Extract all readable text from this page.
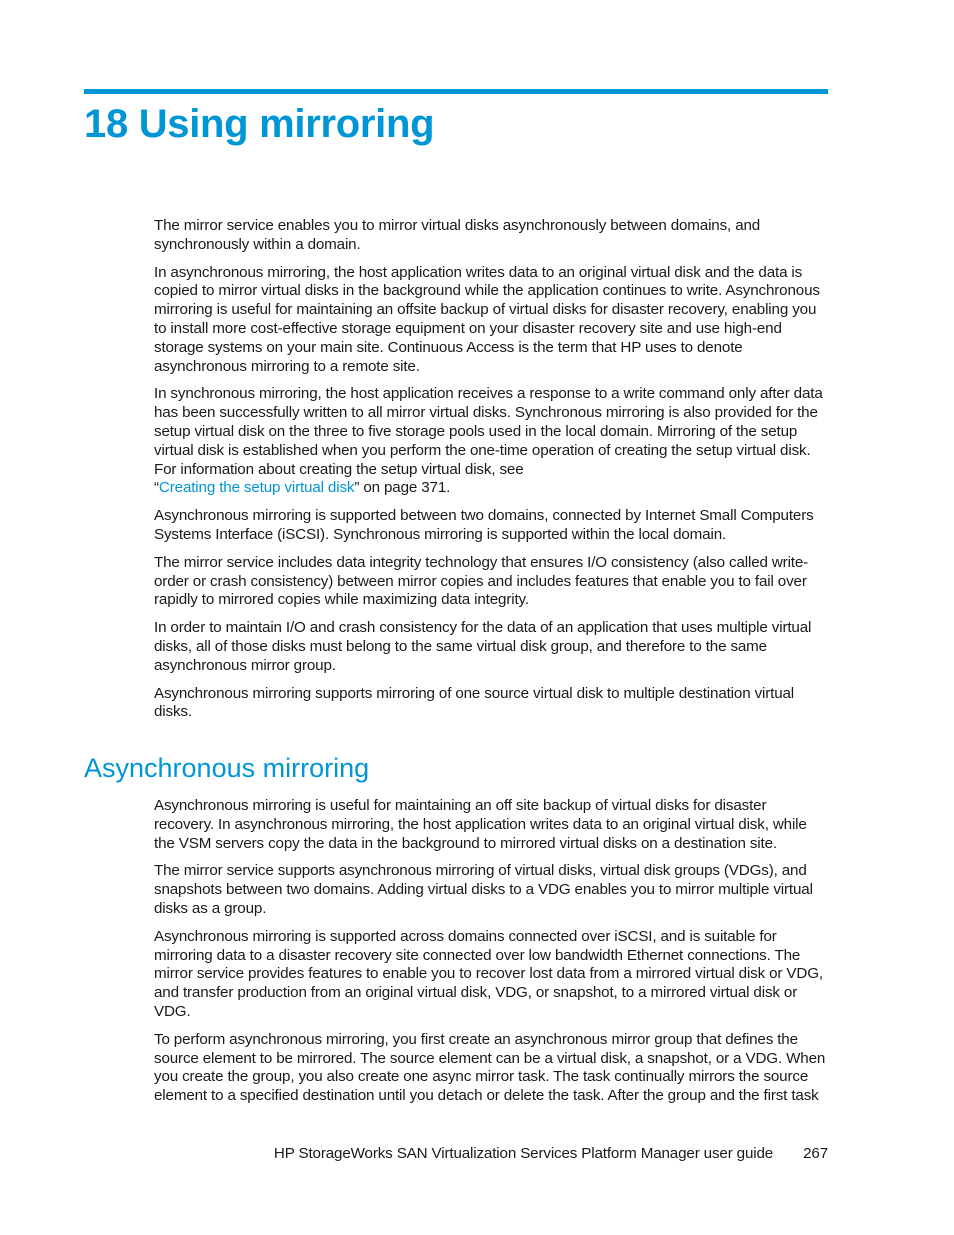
18 Using mirroring

The mirror service enables you to mirror virtual disks asynchronously between domains, and synchronously within a domain.

In asynchronous mirroring, the host application writes data to an original virtual disk and the data is copied to mirror virtual disks in the background while the application continues to write. Asynchronous mirroring is useful for maintaining an offsite backup of virtual disks for disaster recovery, enabling you to install more cost-effective storage equipment on your disaster recovery site and use high-end storage systems on your main site. Continuous Access is the term that HP uses to denote asynchronous mirroring to a remote site.

In synchronous mirroring, the host application receives a response to a write command only after data has been successfully written to all mirror virtual disks. Synchronous mirroring is also provided for the setup virtual disk on the three to five storage pools used in the local domain. Mirroring of the setup virtual disk is established when you perform the one-time operation of creating the setup virtual disk. For information about creating the setup virtual disk, see
“Creating the setup virtual disk” on page 371.

Asynchronous mirroring is supported between two domains, connected by Internet Small Computers Systems Interface (iSCSI). Synchronous mirroring is supported within the local domain.

The mirror service includes data integrity technology that ensures I/O consistency (also called write-order or crash consistency) between mirror copies and includes features that enable you to fail over rapidly to mirrored copies while maximizing data integrity.

In order to maintain I/O and crash consistency for the data of an application that uses multiple virtual disks, all of those disks must belong to the same virtual disk group, and therefore to the same asynchronous mirror group.

Asynchronous mirroring supports mirroring of one source virtual disk to multiple destination virtual disks.

Asynchronous mirroring

Asynchronous mirroring is useful for maintaining an off site backup of virtual disks for disaster recovery. In asynchronous mirroring, the host application writes data to an original virtual disk, while the VSM servers copy the data in the background to mirrored virtual disks on a destination site.

The mirror service supports asynchronous mirroring of virtual disks, virtual disk groups (VDGs), and snapshots between two domains. Adding virtual disks to a VDG enables you to mirror multiple virtual disks as a group.

Asynchronous mirroring is supported across domains connected over iSCSI, and is suitable for mirroring data to a disaster recovery site connected over low bandwidth Ethernet connections. The mirror service provides features to enable you to recover lost data from a mirrored virtual disk or VDG, and transfer production from an original virtual disk, VDG, or snapshot, to a mirrored virtual disk or VDG.

To perform asynchronous mirroring, you first create an asynchronous mirror group that defines the source element to be mirrored. The source element can be a virtual disk, a snapshot, or a VDG. When you create the group, you also create one async mirror task. The task continually mirrors the source element to a specified destination until you detach or delete the task. After the group and the first task

HP StorageWorks SAN Virtualization Services Platform Manager user guide 267
